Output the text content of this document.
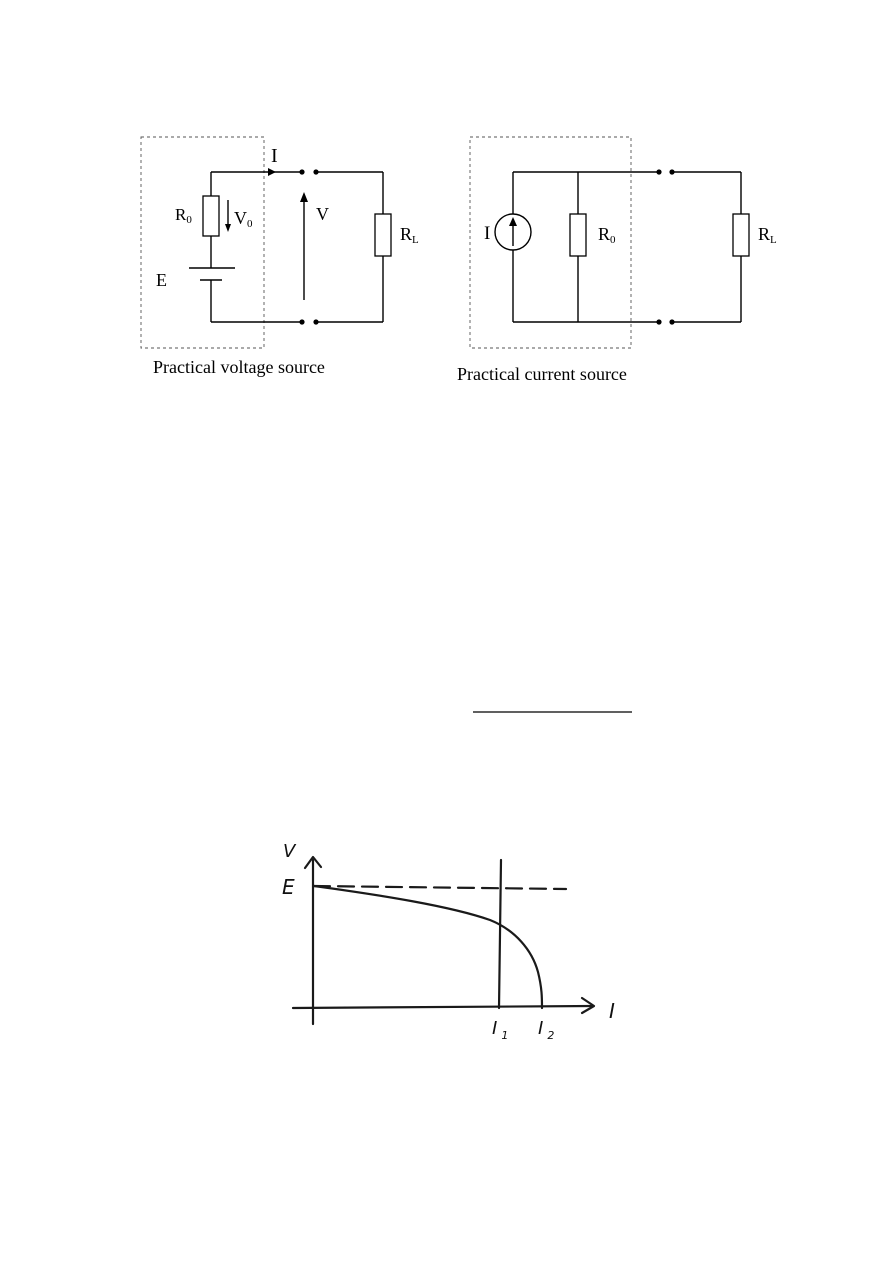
I
R0 V0	V
E
RL
Practical voltage source
I	R0	RL
Practical current source
V
E
I
I $_1$ I $_2$
